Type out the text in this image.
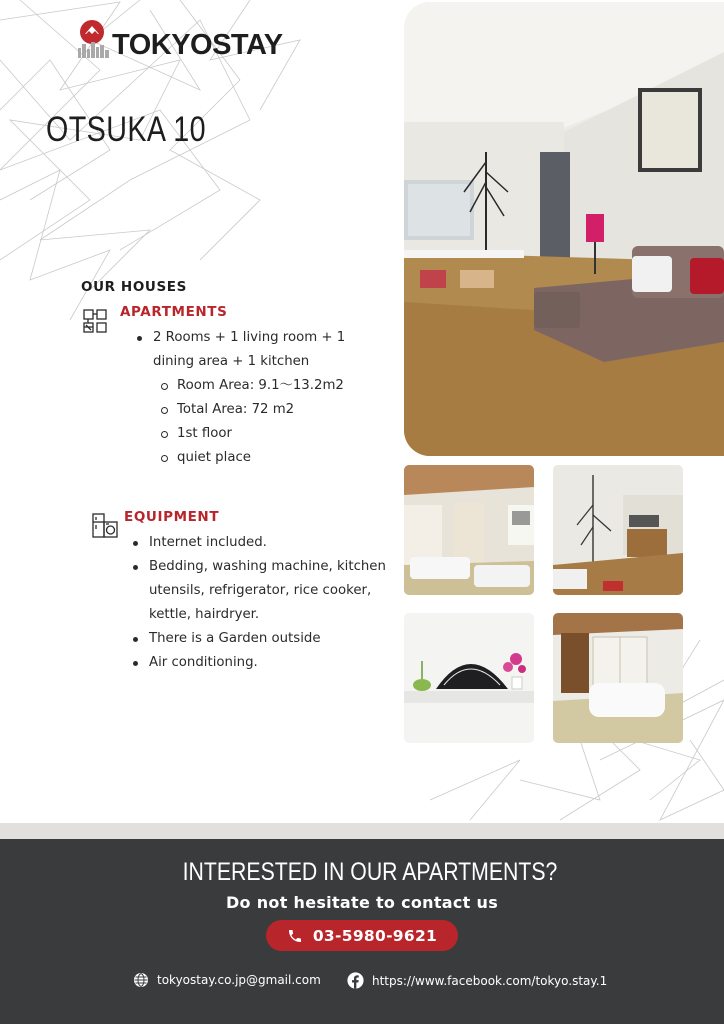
TOKYOSTAY
OTSUKA 10
OUR HOUSES
APARTMENTS
2 Rooms + 1 living room + 1 dining area + 1 kitchen
Room Area: 9.1～13.2m2
Total Area: 72 m2
1st floor
quiet place
EQUIPMENT
Internet included.
Bedding, washing machine, kitchen utensils, refrigerator, rice cooker, kettle, hairdryer.
There is a Garden outside
Air conditioning.
INTERESTED IN OUR APARTMENTS?
Do not hesitate to contact us
03-5980-9621
tokyostay.co.jp@gmail.com	https://www.facebook.com/tokyo.stay.1
